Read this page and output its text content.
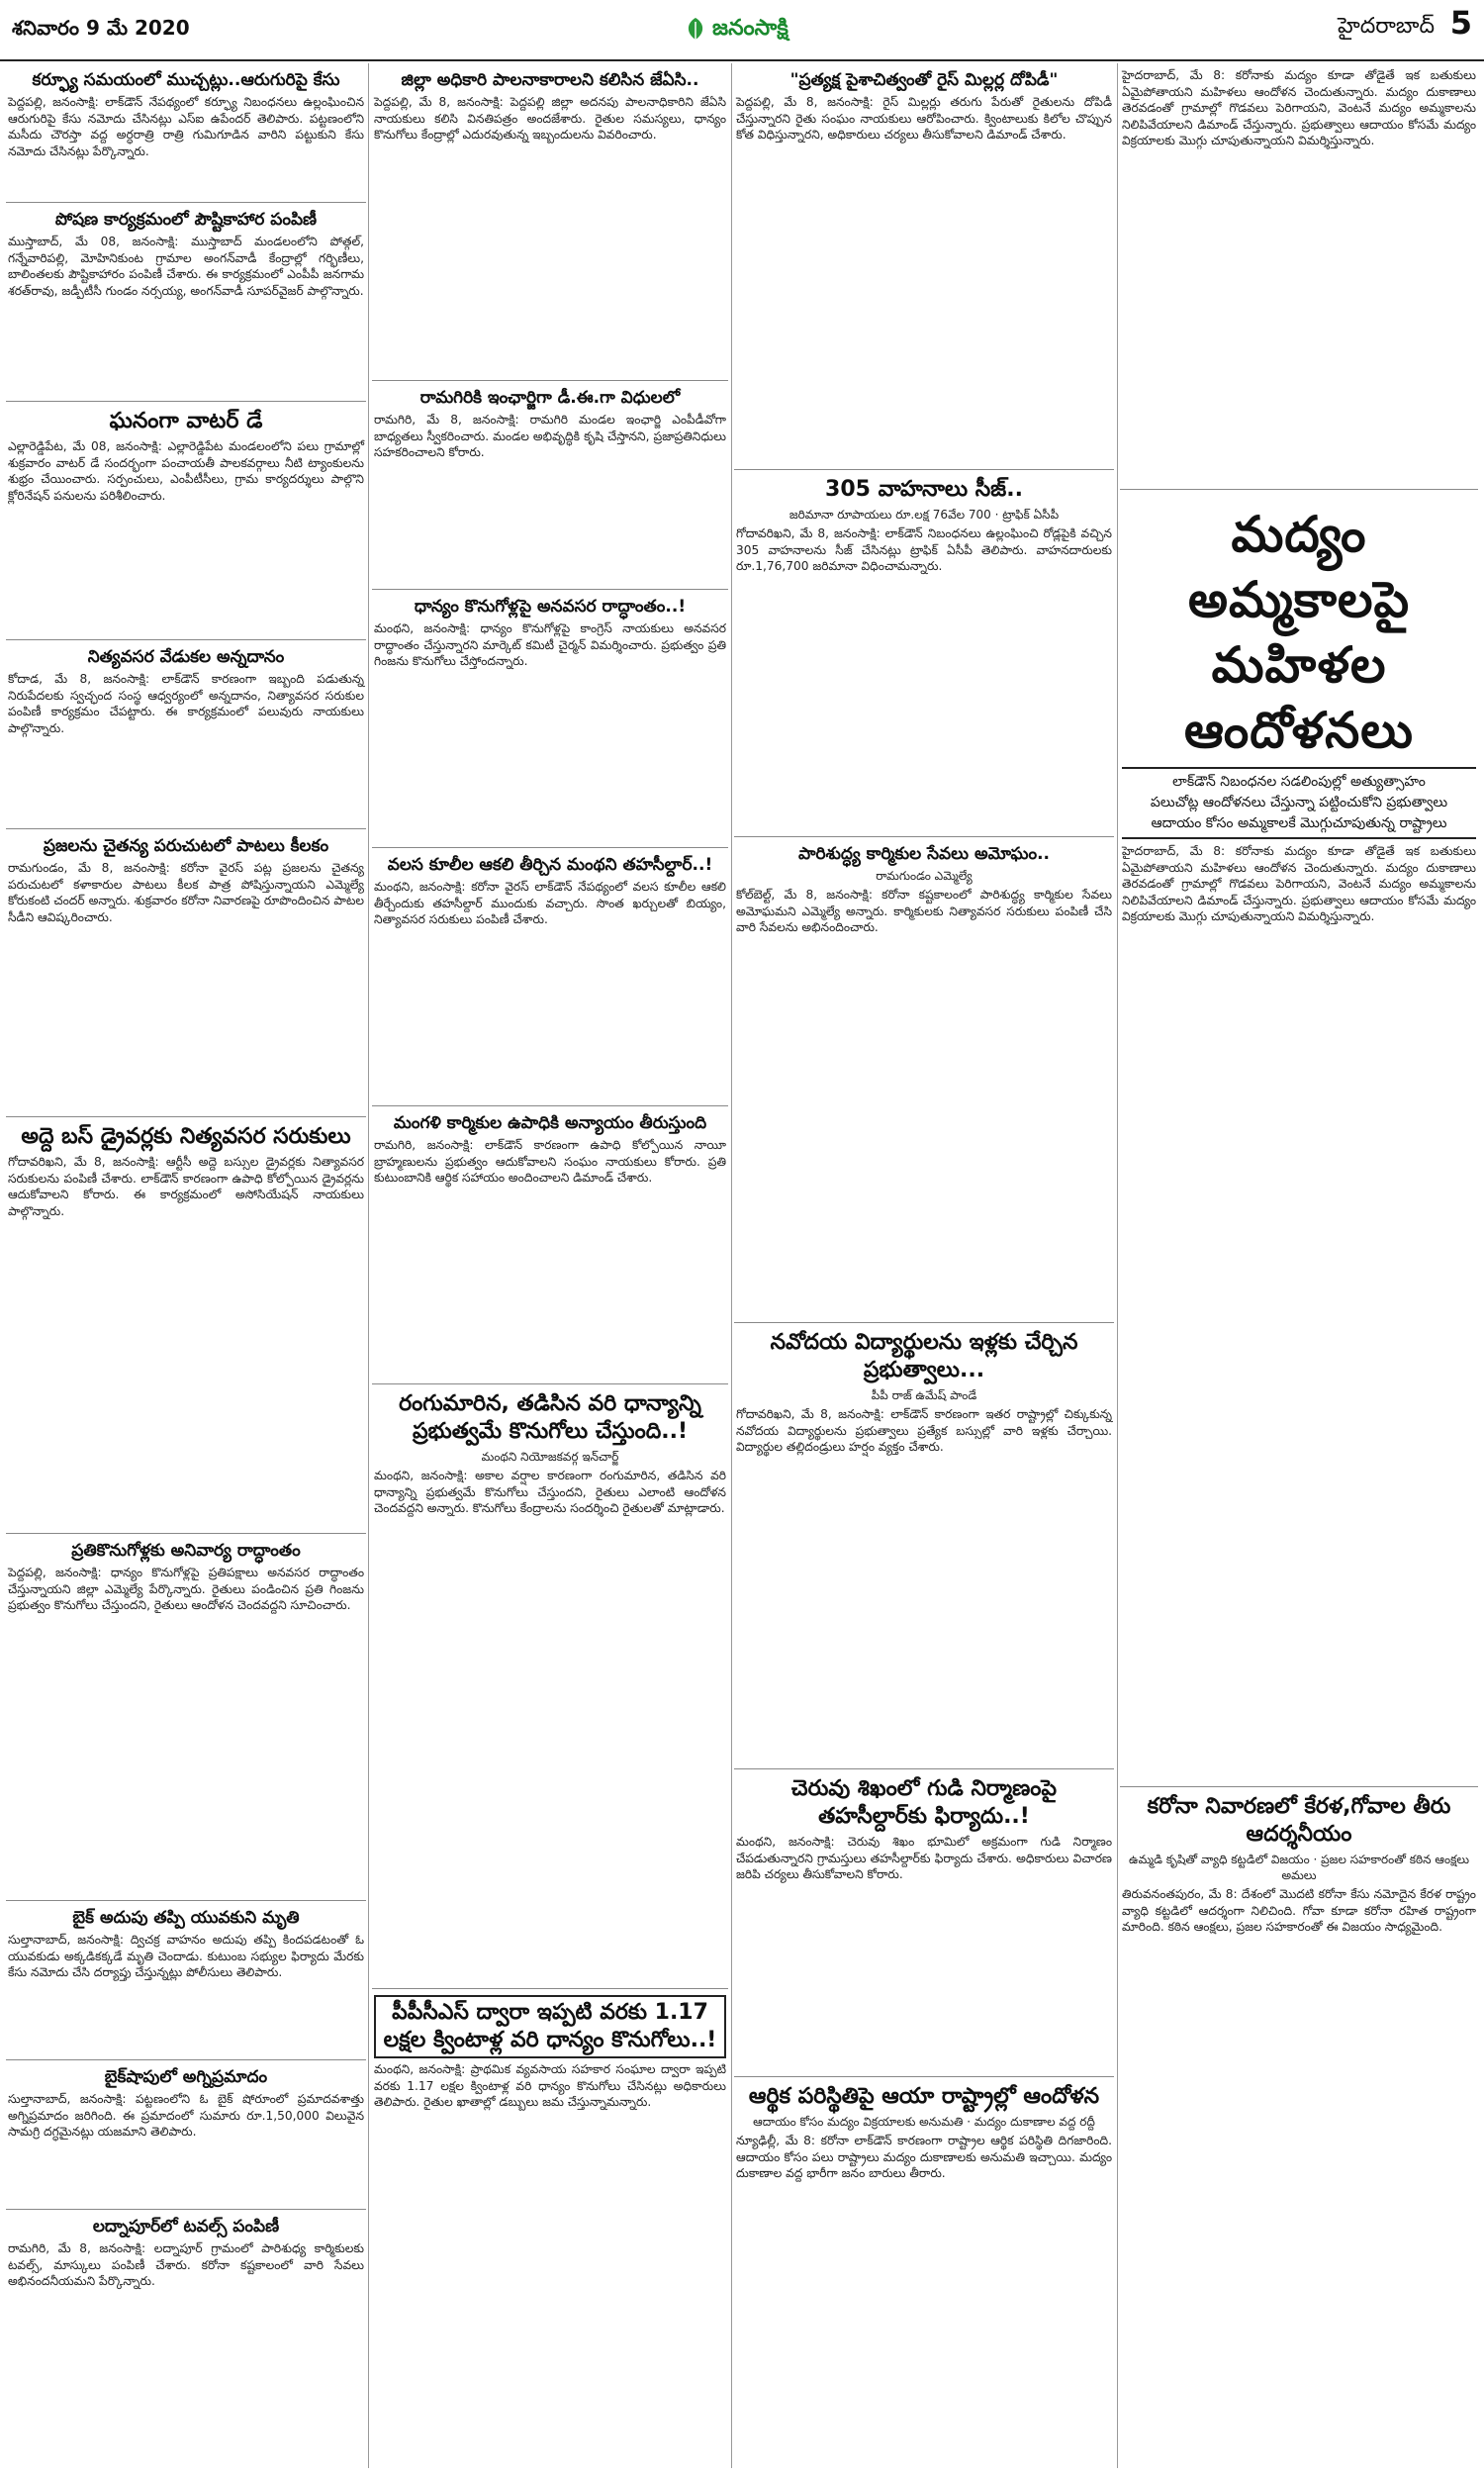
శనివారం 9 మే 2020	జనంసాక్షి	హైదరాబాద్ 5
కర్ఫ్యూ సమయంలో ముచ్చట్లు..ఆరుగురిపై కేసు
పెద్దపల్లి, జనంసాక్షి: లాక్‌డౌన్ నేపథ్యంలో కర్ఫ్యూ నిబంధనలు ఉల్లంఘించిన ఆరుగురిపై కేసు నమోదు చేసినట్లు ఎస్ఐ ఉపేందర్ తెలిపారు. పట్టణంలోని మసీదు చౌరస్తా వద్ద అర్ధరాత్రి రాత్రి గుమిగూడిన వారిని పట్టుకుని కేసు నమోదు చేసినట్లు పేర్కొన్నారు.
పోషణ కార్యక్రమంలో పౌష్టికాహార పంపిణీ
ముస్తాబాద్, మే 08, జనంసాక్షి: ముస్తాబాద్ మండలంలోని పోత్గల్, గన్నేవారిపల్లి, మోహినికుంట గ్రామాల అంగన్‌వాడీ కేంద్రాల్లో గర్భిణీలు, బాలింతలకు పౌష్టికాహారం పంపిణీ చేశారు. ఈ కార్యక్రమంలో ఎంపీపీ జనగామ శరత్‌రావు, జడ్పీటీసీ గుండం నర్సయ్య, అంగన్‌వాడీ సూపర్‌వైజర్ పాల్గొన్నారు.
ఘనంగా వాటర్ డే
ఎల్లారెడ్డిపేట, మే 08, జనంసాక్షి: ఎల్లారెడ్డిపేట మండలంలోని పలు గ్రామాల్లో శుక్రవారం వాటర్ డే సందర్భంగా పంచాయతీ పాలకవర్గాలు నీటి ట్యాంకులను శుభ్రం చేయించారు. సర్పంచులు, ఎంపీటీసీలు, గ్రామ కార్యదర్శులు పాల్గొని క్లోరినేషన్ పనులను పరిశీలించారు.
నిత్యవసర వేడుకల అన్నదానం
కోదాడ, మే 8, జనంసాక్షి: లాక్‌డౌన్ కారణంగా ఇబ్బంది పడుతున్న నిరుపేదలకు స్వచ్ఛంద సంస్థ ఆధ్వర్యంలో అన్నదానం, నిత్యావసర సరుకుల పంపిణీ కార్యక్రమం చేపట్టారు. ఈ కార్యక్రమంలో పలువురు నాయకులు పాల్గొన్నారు.
ప్రజలను చైతన్య పరుచుటలో పాటలు కీలకం
రామగుండం, మే 8, జనంసాక్షి: కరోనా వైరస్ పట్ల ప్రజలను చైతన్య పరుచుటలో కళాకారుల పాటలు కీలక పాత్ర పోషిస్తున్నాయని ఎమ్మెల్యే కోరుకంటి చందర్ అన్నారు. శుక్రవారం కరోనా నివారణపై రూపొందించిన పాటల సీడీని ఆవిష్కరించారు.
అద్దె బస్ డ్రైవర్లకు నిత్యవసర సరుకులు
గోదావరిఖని, మే 8, జనంసాక్షి: ఆర్టీసీ అద్దె బస్సుల డ్రైవర్లకు నిత్యావసర సరుకులను పంపిణీ చేశారు. లాక్‌డౌన్ కారణంగా ఉపాధి కోల్పోయిన డ్రైవర్లను ఆదుకోవాలని కోరారు. ఈ కార్యక్రమంలో అసోసియేషన్ నాయకులు పాల్గొన్నారు.
ప్రతికొనుగోళ్లకు అనివార్య రాద్ధాంతం
పెద్దపల్లి, జనంసాక్షి: ధాన్యం కొనుగోళ్లపై ప్రతిపక్షాలు అనవసర రాద్ధాంతం చేస్తున్నాయని జిల్లా ఎమ్మెల్యే పేర్కొన్నారు. రైతులు పండించిన ప్రతి గింజను ప్రభుత్వం కొనుగోలు చేస్తుందని, రైతులు ఆందోళన చెందవద్దని సూచించారు.
బైక్ అదుపు తప్పి యువకుని మృతి
సుల్తానాబాద్, జనంసాక్షి: ద్విచక్ర వాహనం అదుపు తప్పి కిందపడటంతో ఓ యువకుడు అక్కడికక్కడే మృతి చెందాడు. కుటుంబ సభ్యుల ఫిర్యాదు మేరకు కేసు నమోదు చేసి దర్యాప్తు చేస్తున్నట్లు పోలీసులు తెలిపారు.
బైక్‌షాపులో అగ్నిప్రమాదం
సుల్తానాబాద్, జనంసాక్షి: పట్టణంలోని ఓ బైక్ షోరూంలో ప్రమాదవశాత్తు అగ్నిప్రమాదం జరిగింది. ఈ ప్రమాదంలో సుమారు రూ.1,50,000 విలువైన సామగ్రి దగ్ధమైనట్లు యజమాని తెలిపారు.
లద్నాపూర్‌లో టవల్స్ పంపిణీ
రామగిరి, మే 8, జనంసాక్షి: లద్నాపూర్ గ్రామంలో పారిశుధ్య కార్మికులకు టవల్స్, మాస్కులు పంపిణీ చేశారు. కరోనా కష్టకాలంలో వారి సేవలు అభినందనీయమని పేర్కొన్నారు.
జిల్లా అధికారి పాలనాకారాలని కలిసిన జేఏసి..
పెద్దపల్లి, మే 8, జనంసాక్షి: పెద్దపల్లి జిల్లా అదనపు పాలనాధికారిని జేఏసి నాయకులు కలిసి వినతిపత్రం అందజేశారు. రైతుల సమస్యలు, ధాన్యం కొనుగోలు కేంద్రాల్లో ఎదురవుతున్న ఇబ్బందులను వివరించారు.
రామగిరికి ఇంఛార్జిగా డీ.ఈ.గా విధులలో
రామగిరి, మే 8, జనంసాక్షి: రామగిరి మండల ఇంఛార్జి ఎంపీడీవోగా బాధ్యతలు స్వీకరించారు. మండల అభివృద్ధికి కృషి చేస్తానని, ప్రజాప్రతినిధులు సహకరించాలని కోరారు.
ధాన్యం కొనుగోళ్లపై అనవసర రాద్ధాంతం..!
మంథని, జనంసాక్షి: ధాన్యం కొనుగోళ్లపై కాంగ్రెస్ నాయకులు అనవసర రాద్ధాంతం చేస్తున్నారని మార్కెట్ కమిటీ చైర్మన్ విమర్శించారు. ప్రభుత్వం ప్రతి గింజను కొనుగోలు చేస్తోందన్నారు.
వలస కూలీల ఆకలి తీర్చిన మంథని తహసీల్దార్..!
మంథని, జనంసాక్షి: కరోనా వైరస్ లాక్‌డౌన్ నేపథ్యంలో వలస కూలీల ఆకలి తీర్చేందుకు తహసీల్దార్ ముందుకు వచ్చారు. సొంత ఖర్చులతో బియ్యం, నిత్యావసర సరుకులు పంపిణీ చేశారు.
మంగళి కార్మికుల ఉపాధికి అన్యాయం తీరుస్తుంది
రామగిరి, జనంసాక్షి: లాక్‌డౌన్ కారణంగా ఉపాధి కోల్పోయిన నాయీ బ్రాహ్మణులను ప్రభుత్వం ఆదుకోవాలని సంఘం నాయకులు కోరారు. ప్రతి కుటుంబానికి ఆర్థిక సహాయం అందించాలని డిమాండ్ చేశారు.
రంగుమారిన, తడిసిన వరి ధాన్యాన్ని ప్రభుత్వమే కొనుగోలు చేస్తుంది..!
మంథని నియోజకవర్గ ఇన్‌చార్జ్
మంథని, జనంసాక్షి: అకాల వర్షాల కారణంగా రంగుమారిన, తడిసిన వరి ధాన్యాన్ని ప్రభుత్వమే కొనుగోలు చేస్తుందని, రైతులు ఎలాంటి ఆందోళన చెందవద్దని అన్నారు. కొనుగోలు కేంద్రాలను సందర్శించి రైతులతో మాట్లాడారు.
పీపీసీఎస్ ద్వారా ఇప్పటి వరకు 1.17 లక్షల క్వింటాళ్ల వరి ధాన్యం కొనుగోలు..!
మంథని, జనంసాక్షి: ప్రాథమిక వ్యవసాయ సహకార సంఘాల ద్వారా ఇప్పటి వరకు 1.17 లక్షల క్వింటాళ్ల వరి ధాన్యం కొనుగోలు చేసినట్లు అధికారులు తెలిపారు. రైతుల ఖాతాల్లో డబ్బులు జమ చేస్తున్నామన్నారు.
"ప్రత్యక్ష పైశాచిత్వంతో రైస్ మిల్లర్ల దోపిడీ"
పెద్దపల్లి, మే 8, జనంసాక్షి: రైస్ మిల్లర్లు తరుగు పేరుతో రైతులను దోపిడీ చేస్తున్నారని రైతు సంఘం నాయకులు ఆరోపించారు. క్వింటాలుకు కిలోల చొప్పున కోత విధిస్తున్నారని, అధికారులు చర్యలు తీసుకోవాలని డిమాండ్ చేశారు.
305 వాహనాలు సీజ్..
జరిమానా రూపాయలు రూ.లక్ష 76వేల 700 · ట్రాఫిక్ ఏసీపీ
గోదావరిఖని, మే 8, జనంసాక్షి: లాక్‌డౌన్ నిబంధనలు ఉల్లంఘించి రోడ్లపైకి వచ్చిన 305 వాహనాలను సీజ్ చేసినట్లు ట్రాఫిక్ ఏసీపీ తెలిపారు. వాహనదారులకు రూ.1,76,700 జరిమానా విధించామన్నారు.
పారిశుద్ధ్య కార్మికుల సేవలు అమోఘం..
రామగుండం ఎమ్మెల్యే
కోల్‌బెల్ట్, మే 8, జనంసాక్షి: కరోనా కష్టకాలంలో పారిశుద్ధ్య కార్మికుల సేవలు అమోఘమని ఎమ్మెల్యే అన్నారు. కార్మికులకు నిత్యావసర సరుకులు పంపిణీ చేసి వారి సేవలను అభినందించారు.
నవోదయ విద్యార్థులను ఇళ్లకు చేర్చిన ప్రభుత్వాలు...
పీపీ రాజ్ ఉమేష్ పాండే
గోదావరిఖని, మే 8, జనంసాక్షి: లాక్‌డౌన్ కారణంగా ఇతర రాష్ట్రాల్లో చిక్కుకున్న నవోదయ విద్యార్థులను ప్రభుత్వాలు ప్రత్యేక బస్సుల్లో వారి ఇళ్లకు చేర్చాయి. విద్యార్థుల తల్లిదండ్రులు హర్షం వ్యక్తం చేశారు.
చెరువు శిఖంలో గుడి నిర్మాణంపై తహసీల్దార్‌కు ఫిర్యాదు..!
మంథని, జనంసాక్షి: చెరువు శిఖం భూమిలో అక్రమంగా గుడి నిర్మాణం చేపడుతున్నారని గ్రామస్తులు తహసీల్దార్‌కు ఫిర్యాదు చేశారు. అధికారులు విచారణ జరిపి చర్యలు తీసుకోవాలని కోరారు.
ఆర్థిక పరిస్థితిపై ఆయా రాష్ట్రాల్లో ఆందోళన
ఆదాయం కోసం మద్యం విక్రయాలకు అనుమతి · మద్యం దుకాణాల వద్ద రద్దీ
న్యూఢిల్లీ, మే 8: కరోనా లాక్‌డౌన్ కారణంగా రాష్ట్రాల ఆర్థిక పరిస్థితి దిగజారింది. ఆదాయం కోసం పలు రాష్ట్రాలు మద్యం దుకాణాలకు అనుమతి ఇచ్చాయి. మద్యం దుకాణాల వద్ద భారీగా జనం బారులు తీరారు.
హైదరాబాద్, మే 8: కరోనాకు మద్యం కూడా తోడైతే ఇక బతుకులు ఏమైపోతాయని మహిళలు ఆందోళన చెందుతున్నారు. మద్యం దుకాణాలు తెరవడంతో గ్రామాల్లో గొడవలు పెరిగాయని, వెంటనే మద్యం అమ్మకాలను నిలిపివేయాలని డిమాండ్ చేస్తున్నారు. ప్రభుత్వాలు ఆదాయం కోసమే మద్యం విక్రయాలకు మొగ్గు చూపుతున్నాయని విమర్శిస్తున్నారు.
మద్యం అమ్మకాలపై మహిళల ఆందోళనలు
లాక్‌డౌన్ నిబంధనల సడలింపుల్లో అత్యుత్సాహం
పలుచోట్ల ఆందోళనలు చేస్తున్నా పట్టించుకోని ప్రభుత్వాలు
ఆదాయం కోసం అమ్మకాలకే మొగ్గుచూపుతున్న రాష్ట్రాలు
హైదరాబాద్, మే 8: కరోనాకు మద్యం కూడా తోడైతే ఇక బతుకులు ఏమైపోతాయని మహిళలు ఆందోళన చెందుతున్నారు. మద్యం దుకాణాలు తెరవడంతో గ్రామాల్లో గొడవలు పెరిగాయని, వెంటనే మద్యం అమ్మకాలను నిలిపివేయాలని డిమాండ్ చేస్తున్నారు. ప్రభుత్వాలు ఆదాయం కోసమే మద్యం విక్రయాలకు మొగ్గు చూపుతున్నాయని విమర్శిస్తున్నారు.
కరోనా నివారణలో కేరళ,గోవాల తీరు ఆదర్శనీయం
ఉమ్మడి కృషితో వ్యాధి కట్టడిలో విజయం · ప్రజల సహకారంతో కఠిన ఆంక్షలు అమలు
తిరువనంతపురం, మే 8: దేశంలో మొదటి కరోనా కేసు నమోదైన కేరళ రాష్ట్రం వ్యాధి కట్టడిలో ఆదర్శంగా నిలిచింది. గోవా కూడా కరోనా రహిత రాష్ట్రంగా మారింది. కఠిన ఆంక్షలు, ప్రజల సహకారంతో ఈ విజయం సాధ్యమైంది.
